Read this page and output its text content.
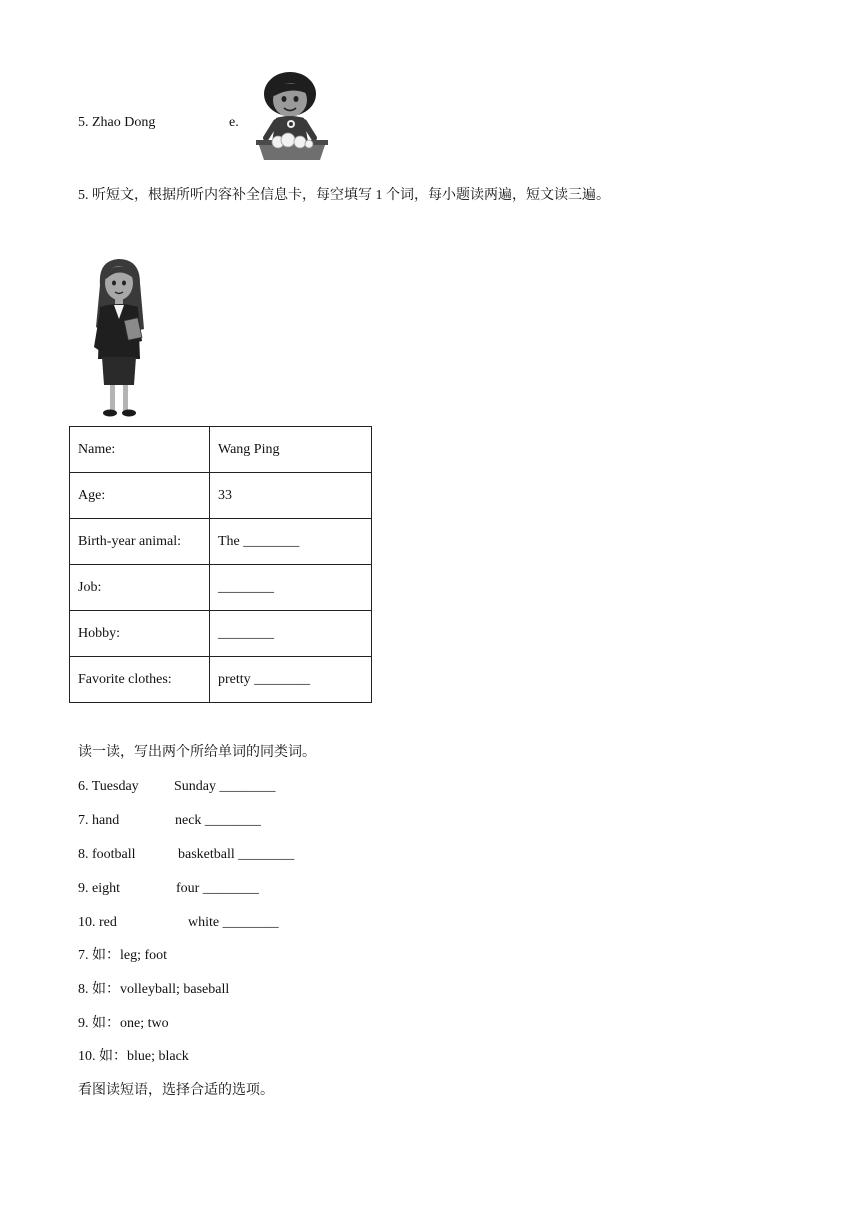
5. Zhao Dong	e.
5. 听短文，根据所听内容补全信息卡，每空填写 1 个词，每小题读两遍，短文读三遍。
Name:	Wang Ping
Age:	33
Birth-year animal:	The ________
Job:	________
Hobby:	________
Favorite clothes:	pretty ________
读一读，写出两个所给单词的同类词。
6. Tuesday	Sunday ________
7. hand	neck ________
8. football	basketball ________
9. eight	four ________
10. red	white ________
7. 如：leg; foot
8. 如：volleyball; baseball
9. 如：one; two
10. 如：blue; black
看图读短语，选择合适的选项。
